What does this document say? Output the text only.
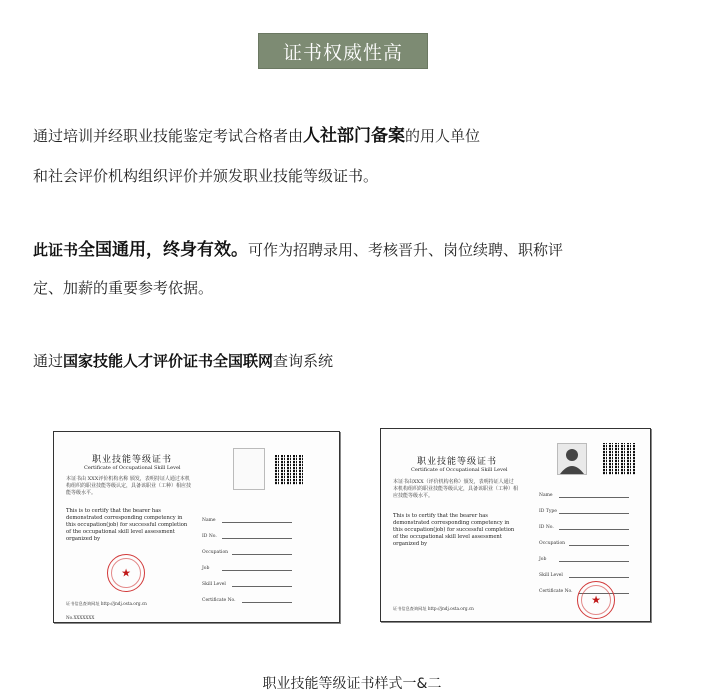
证书权威性高
通过培训并经职业技能鉴定考试合格者由人社部门备案的用人单位
和社会评价机构组织评价并颁发职业技能等级证书。
此证书全国通用，终身有效。可作为招聘录用、考核晋升、岗位续聘、职称评
定、加薪的重要参考依据。
通过国家技能人才评价证书全国联网查询系统
职业技能等级证书
Certificate of Occupational Skill Level
本证书由 XXX评价机构名称 颁发，表明持证人通过本机构组织的职业技能等级认定，具备该职业（工种）相应技能等级水平。
This is to certify that the bearer has demonstrated corresponding competency in this occupation(job) for successful completion of the occupational skill level assessment organized by
Name
ID No.
Occupation
Job
Skill Level
Certificate No.
★
证书信息查询网址 http://jndj.osta.org.cn
No.XXXXXXX
职业技能等级证书
Certificate of Occupational Skill Level
本证书由XXX（评价机构名称）颁发，表明持证人通过本机构组织的职业技能等级认定，具备该职业（工种）相应技能等级水平。
This is to certify that the bearer has demonstrated corresponding competency in this occupation(job) for successful completion of the occupational skill level assessment organized by
Name
ID Type
ID No.
Occupation
Job
Skill Level
Certificate No.
★
证书信息查询网址 http://jndj.osta.org.cn
职业技能等级证书样式一&二
